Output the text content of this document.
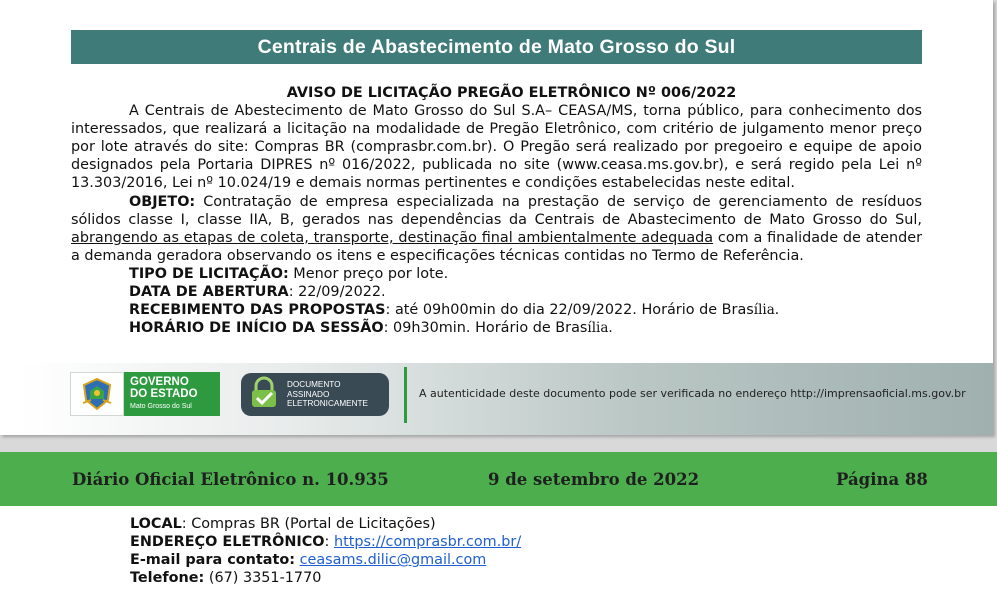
Centrais de Abastecimento de Mato Grosso do Sul
AVISO DE LICITAÇÃO PREGÃO ELETRÔNICO Nº 006/2022
A Centrais de Abestecimento de Mato Grosso do Sul S.A– CEASA/MS, torna público, para conhecimento dos interessados, que realizará a licitação na modalidade de Pregão Eletrônico, com critério de julgamento menor preço por lote através do site: Compras BR (comprasbr.com.br). O Pregão será realizado por pregoeiro e equipe de apoio designados pela Portaria DIPRES nº 016/2022, publicada no site (www.ceasa.ms.gov.br), e será regido pela Lei nº 13.303/2016, Lei nº 10.024/19 e demais normas pertinentes e condições estabelecidas neste edital.
OBJETO: Contratação de empresa especializada na prestação de serviço de gerenciamento de resíduos sólidos classe I, classe IIA, B, gerados nas dependências da Centrais de Abastecimento de Mato Grosso do Sul, abrangendo as etapas de coleta, transporte, destinação final ambientalmente adequada com a finalidade de atender a demanda geradora observando os itens e especificações técnicas contidas no Termo de Referência.
TIPO DE LICITAÇÃO: Menor preço por lote.
DATA DE ABERTURA: 22/09/2022.
RECEBIMENTO DAS PROPOSTAS: até 09h00min do dia 22/09/2022. Horário de Brasília.
HORÁRIO DE INÍCIO DA SESSÃO: 09h30min. Horário de Brasília.
GOVERNO
DO ESTADO
Mato Grosso do Sul
DOCUMENTO
ASSINADO
ELETRONICAMENTE
A autenticidade deste documento pode ser verificada no endereço http://imprensaoficial.ms.gov.br
Diário Oficial Eletrônico n. 10.935	9 de setembro de 2022	Página 88
LOCAL: Compras BR (Portal de Licitações)
ENDEREÇO ELETRÔNICO: https://comprasbr.com.br/
E-mail para contato: ceasams.dilic@gmail.com
Telefone: (67) 3351-1770
